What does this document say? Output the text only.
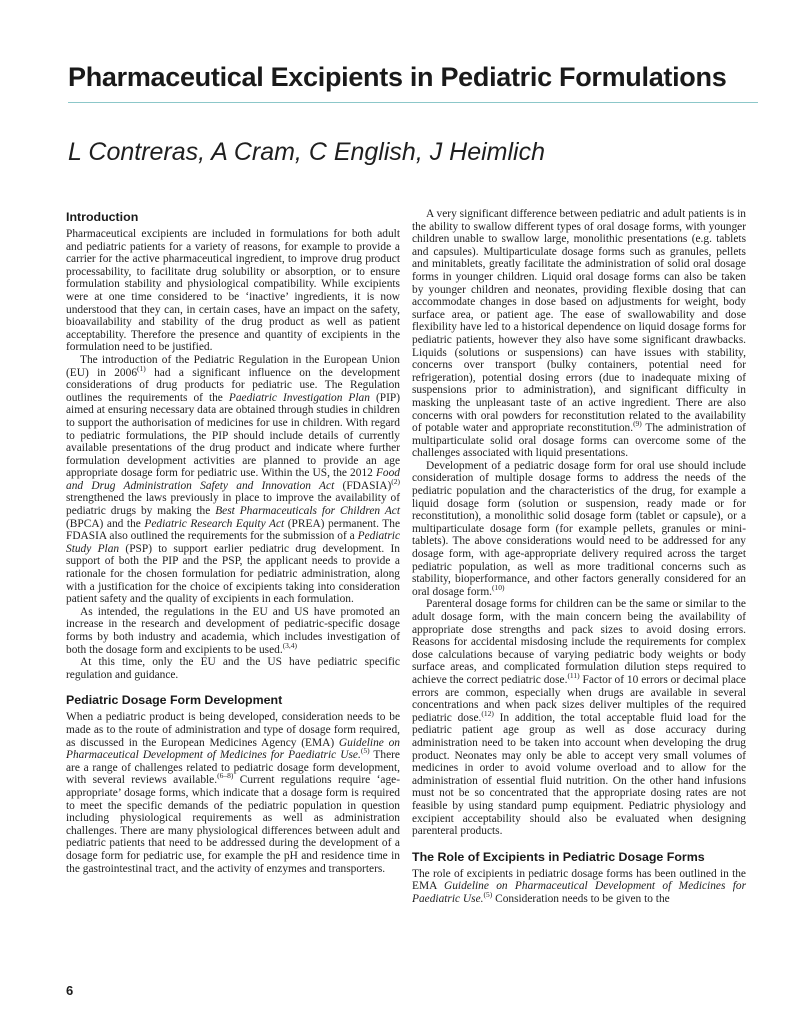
Pharmaceutical Excipients in Pediatric Formulations
L Contreras, A Cram, C English, J Heimlich
Introduction

Pharmaceutical excipients are included in formulations for both adult and pediatric patients for a variety of reasons, for example to provide a carrier for the active pharmaceutical ingredient, to improve drug product processability, to facilitate drug solubility or absorption, or to ensure formulation stability and physiological compatibility. While excipients were at one time considered to be ‘inactive’ ingredients, it is now understood that they can, in certain cases, have an impact on the safety, bioavailability and stability of the drug product as well as patient acceptability. Therefore the presence and quantity of excipients in the formulation need to be justified.

The introduction of the Pediatric Regulation in the European Union (EU) in 2006$^{(1)}$ had a significant influence on the development considerations of drug products for pediatric use. The Regulation outlines the requirements of the Paediatric Investigation Plan (PIP) aimed at ensuring necessary data are obtained through studies in children to support the authorisation of medicines for use in children. With regard to pediatric formulations, the PIP should include details of currently available presentations of the drug product and indicate where further formulation development activities are planned to provide an age appropriate dosage form for pediatric use. Within the US, the 2012 Food and Drug Administration Safety and Innovation Act (FDASIA)$^{(2)}$ strengthened the laws previously in place to improve the availability of pediatric drugs by making the Best Pharmaceuticals for Children Act (BPCA) and the Pediatric Research Equity Act (PREA) permanent. The FDASIA also outlined the requirements for the submission of a Pediatric Study Plan (PSP) to support earlier pediatric drug development. In support of both the PIP and the PSP, the applicant needs to provide a rationale for the chosen formulation for pediatric administration, along with a justification for the choice of excipients taking into consideration patient safety and the quality of excipients in each formulation.

As intended, the regulations in the EU and US have promoted an increase in the research and development of pediatric-specific dosage forms by both industry and academia, which includes investigation of both the dosage form and excipients to be used.$^{(3,4)}$

At this time, only the EU and the US have pediatric specific regulation and guidance.

Pediatric Dosage Form Development

When a pediatric product is being developed, consideration needs to be made as to the route of administration and type of dosage form required, as discussed in the European Medicines Agency (EMA) Guideline on Pharmaceutical Development of Medicines for Paediatric Use.$^{(5)}$ There are a range of challenges related to pediatric dosage form development, with several reviews available.$^{(6-8)}$ Current regulations require ‘age-appropriate’ dosage forms, which indicate that a dosage form is required to meet the specific demands of the pediatric population in question including physiological requirements as well as administration challenges. There are many physiological differences between adult and pediatric patients that need to be addressed during the development of a dosage form for pediatric use, for example the pH and residence time in the gastrointestinal tract, and the activity of enzymes and transporters.

A very significant difference between pediatric and adult patients is in the ability to swallow different types of oral dosage forms, with younger children unable to swallow large, monolithic presentations (e.g. tablets and capsules). Multiparticulate dosage forms such as granules, pellets and minitablets, greatly facilitate the administration of solid oral dosage forms in younger children. Liquid oral dosage forms can also be taken by younger children and neonates, providing flexible dosing that can accommodate changes in dose based on adjustments for weight, body surface area, or patient age. The ease of swallowability and dose flexibility have led to a historical dependence on liquid dosage forms for pediatric patients, however they also have some significant drawbacks. Liquids (solutions or suspensions) can have issues with stability, concerns over transport (bulky containers, potential need for refrigeration), potential dosing errors (due to inadequate mixing of suspensions prior to administration), and significant difficulty in masking the unpleasant taste of an active ingredient. There are also concerns with oral powders for reconstitution related to the availability of potable water and appropriate reconstitution.$^{(9)}$ The administration of multiparticulate solid oral dosage forms can overcome some of the challenges associated with liquid presentations.

Development of a pediatric dosage form for oral use should include consideration of multiple dosage forms to address the needs of the pediatric population and the characteristics of the drug, for example a liquid dosage form (solution or suspension, ready made or for reconstitution), a monolithic solid dosage form (tablet or capsule), or a multiparticulate dosage form (for example pellets, granules or mini-tablets). The above considerations would need to be addressed for any dosage form, with age-appropriate delivery required across the target pediatric population, as well as more traditional concerns such as stability, bioperformance, and other factors generally considered for an oral dosage form.$^{(10)}$

Parenteral dosage forms for children can be the same or similar to the adult dosage form, with the main concern being the availability of appropriate dose strengths and pack sizes to avoid dosing errors. Reasons for accidental misdosing include the requirements for complex dose calculations because of varying pediatric body weights or body surface areas, and complicated formulation dilution steps required to achieve the correct pediatric dose.$^{(11)}$ Factor of 10 errors or decimal place errors are common, especially when drugs are available in several concentrations and when pack sizes deliver multiples of the required pediatric dose.$^{(12)}$ In addition, the total acceptable fluid load for the pediatric patient age group as well as dose accuracy during administration need to be taken into account when developing the drug product. Neonates may only be able to accept very small volumes of medicines in order to avoid volume overload and to allow for the administration of essential fluid nutrition. On the other hand infusions must not be so concentrated that the appropriate dosing rates are not feasible by using standard pump equipment. Pediatric physiology and excipient acceptability should also be evaluated when designing parenteral products.

The Role of Excipients in Pediatric Dosage Forms

The role of excipients in pediatric dosage forms has been outlined in the EMA Guideline on Pharmaceutical Development of Medicines for Paediatric Use.$^{(5)}$ Consideration needs to be given to the

6
